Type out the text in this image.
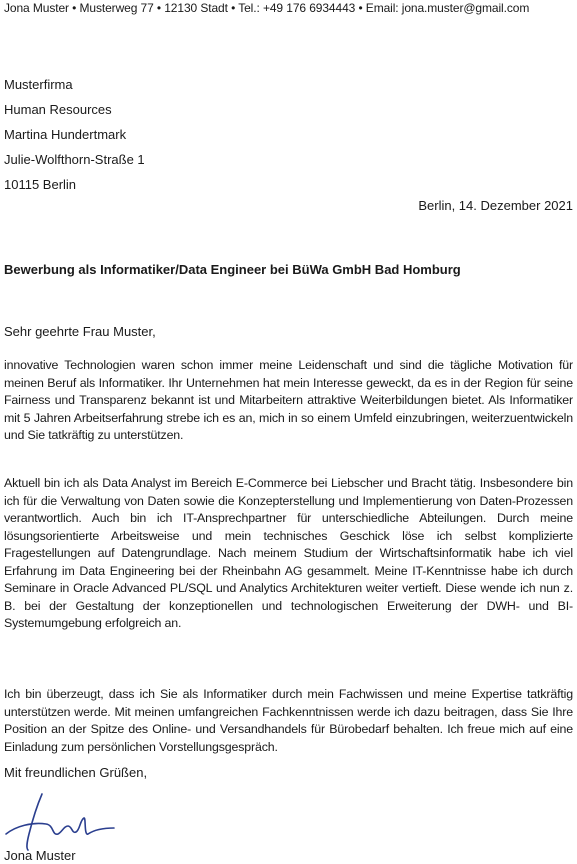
Jona Muster • Musterweg 77 • 12130 Stadt • Tel.: +49 176 6934443 • Email: jona.muster@gmail.com
Musterfirma
Human Resources
Martina Hundertmark
Julie-Wolfthorn-Straße 1
10115 Berlin
Berlin, 14. Dezember 2021
Bewerbung als Informatiker/Data Engineer bei BüWa GmbH Bad Homburg
Sehr geehrte Frau Muster,
innovative Technologien waren schon immer meine Leidenschaft und sind die tägliche Motivation für meinen Beruf als Informatiker. Ihr Unternehmen hat mein Interesse geweckt, da es in der Region für seine Fairness und Transparenz bekannt ist und Mitarbeitern attraktive Weiterbildungen bietet. Als Informatiker mit 5 Jahren Arbeitserfahrung strebe ich es an, mich in so einem Umfeld einzubringen, weiterzuentwickeln und Sie tatkräftig zu unterstützen.
Aktuell bin ich als Data Analyst im Bereich E-Commerce bei Liebscher und Bracht tätig. Insbesondere bin ich für die Verwaltung von Daten sowie die Konzepterstellung und Implementierung von Daten-Prozessen verantwortlich. Auch bin ich IT-Ansprechpartner für unterschiedliche Abteilungen. Durch meine lösungsorientierte Arbeitsweise und mein technisches Geschick löse ich selbst komplizierte Fragestellungen auf Datengrundlage. Nach meinem Studium der Wirtschaftsinformatik habe ich viel Erfahrung im Data Engineering bei der Rheinbahn AG gesammelt. Meine IT-Kenntnisse habe ich durch Seminare in Oracle Advanced PL/SQL und Analytics Architekturen weiter vertieft. Diese wende ich nun z. B. bei der Gestaltung der konzeptionellen und technologischen Erweiterung der DWH- und BI-Systemumgebung erfolgreich an.
Ich bin überzeugt, dass ich Sie als Informatiker durch mein Fachwissen und meine Expertise tatkräftig unterstützen werde. Mit meinen umfangreichen Fachkenntnissen werde ich dazu beitragen, dass Sie Ihre Position an der Spitze des Online- und Versandhandels für Bürobedarf behalten. Ich freue mich auf eine Einladung zum persönlichen Vorstellungsgespräch.
Mit freundlichen Grüßen,
Jona Muster
